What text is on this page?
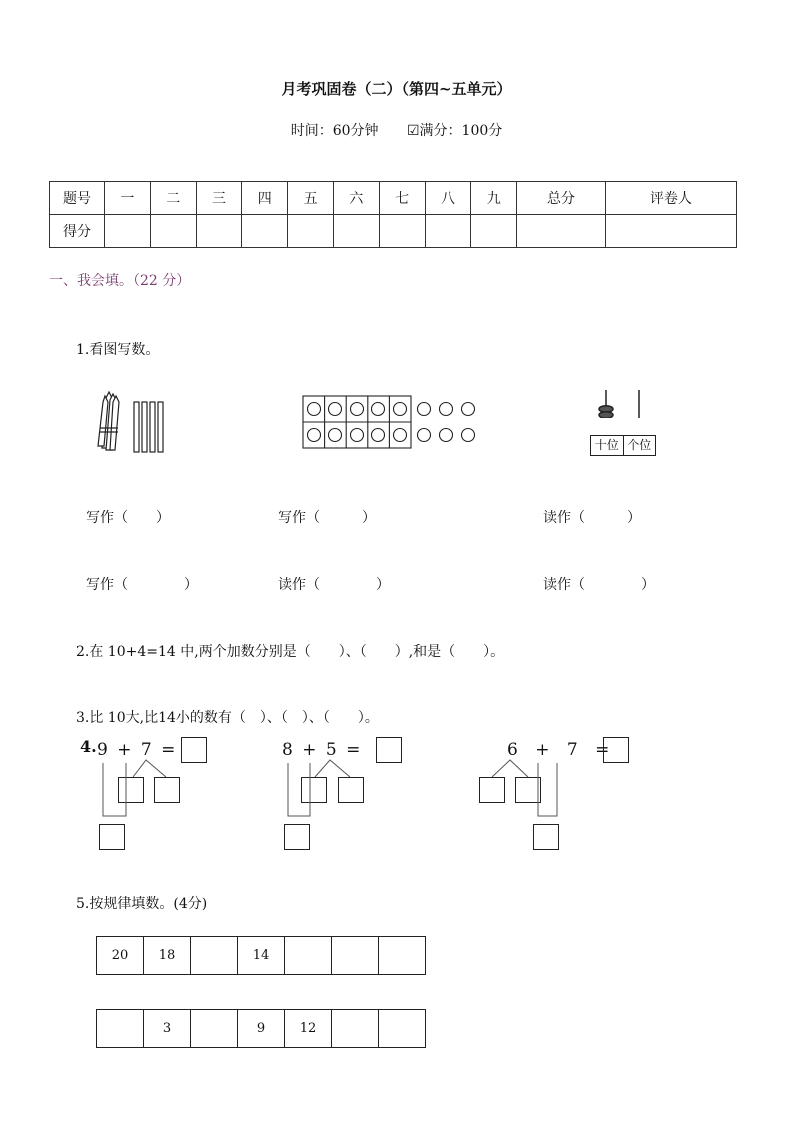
月考巩固卷（二）（第四~五单元）
时间：60分钟 ☑满分：100分
题号	一	二	三	四	五	六	七	八	九	总分	评卷人
得分											
一、我会填。（22 分）
1.看图写数。
十位 个位
写作（　　）	写作（　　　）	读作（　　　）
写作（　　　　）	读作（　　　　）	读作（　　　　）
2.在 10+4=14 中,两个加数分别是（　　）、（　　）,和是（　　）。
3.比 10大,比14小的数有（　）、（　）、（　　）。
4. 9 + 7 =	8 + 5 =	6 + 7 =
5.按规律填数。(4分)
20	18		14			
	3		9	12		
